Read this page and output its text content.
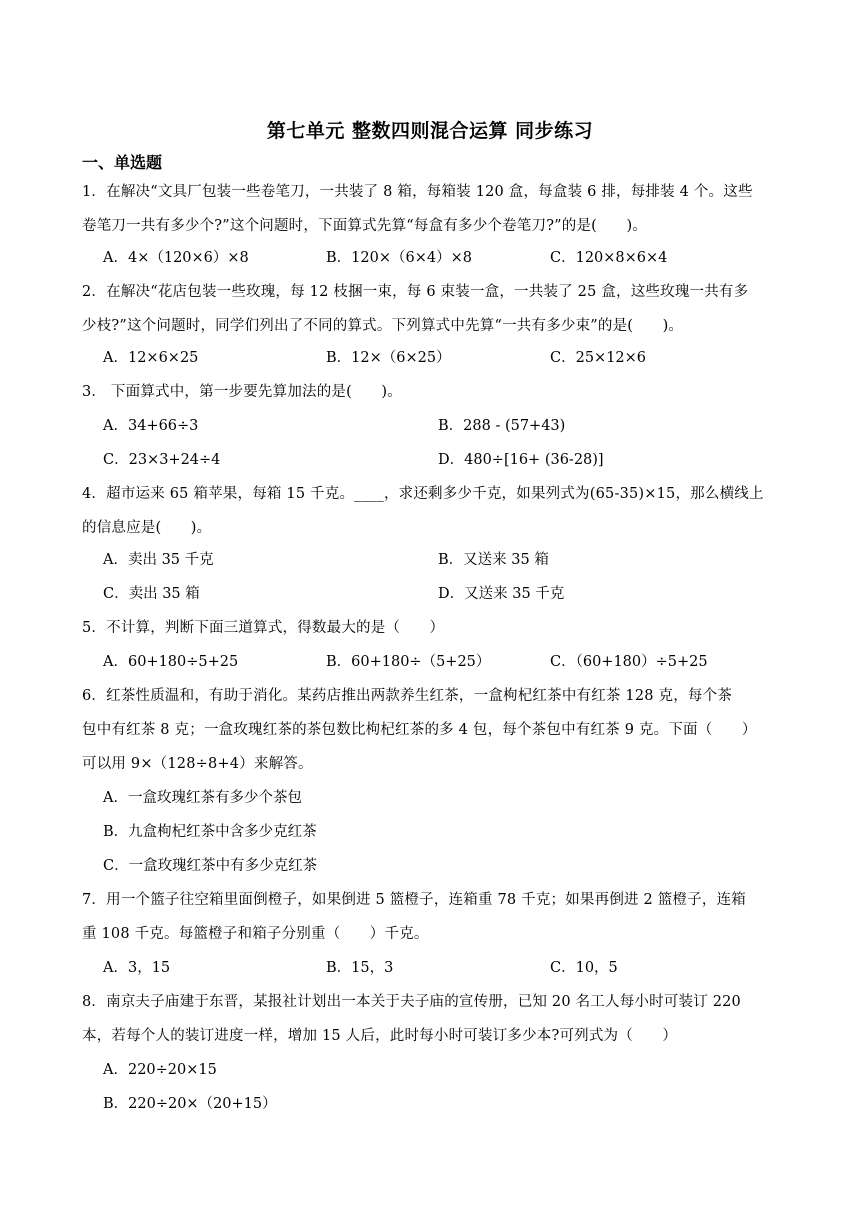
第七单元 整数四则混合运算 同步练习
一、单选题
1．在解决“文具厂包装一些卷笔刀，一共装了 8 箱，每箱装 120 盒，每盒装 6 排，每排装 4 个。这些
卷笔刀一共有多少个?”这个问题时，下面算式先算“每盒有多少个卷笔刀?”的是(　　)。
A．4×（120×6）×8	B．120×（6×4）×8	C．120×8×6×4
2．在解决“花店包装一些玫瑰，每 12 枝捆一束，每 6 束装一盒，一共装了 25 盒，这些玫瑰一共有多
少枝?”这个问题时，同学们列出了不同的算式。下列算式中先算“一共有多少束”的是(　　)。
A．12×6×25	B．12×（6×25）	C．25×12×6
3． 下面算式中，第一步要先算加法的是(　　)。
A．34+66÷3	B．288 - (57+43)
C．23×3+24÷4	D．480÷[16+ (36-28)]
4．超市运来 65 箱苹果，每箱 15 千克。____，求还剩多少千克，如果列式为(65-35)×15，那么横线上
的信息应是(　　)。
A．卖出 35 千克	B．又送来 35 箱
C．卖出 35 箱	D．又送来 35 千克
5．不计算，判断下面三道算式，得数最大的是（　　）
A．60+180÷5+25	B．60+180÷（5+25）	C．（60+180）÷5+25
6．红茶性质温和，有助于消化。某药店推出两款养生红茶，一盒枸杞红茶中有红茶 128 克，每个茶
包中有红茶 8 克；一盒玫瑰红茶的茶包数比枸杞红茶的多 4 包，每个茶包中有红茶 9 克。下面（　　）
可以用 9×（128÷8+4）来解答。
A．一盒玫瑰红茶有多少个茶包
B．九盒枸杞红茶中含多少克红茶
C．一盒玫瑰红茶中有多少克红茶
7．用一个篮子往空箱里面倒橙子，如果倒进 5 篮橙子，连箱重 78 千克；如果再倒进 2 篮橙子，连箱
重 108 千克。每篮橙子和箱子分别重（　　）千克。
A．3，15	B．15，3	C．10，5
8．南京夫子庙建于东晋，某报社计划出一本关于夫子庙的宣传册，已知 20 名工人每小时可装订 220
本，若每个人的装订进度一样，增加 15 人后，此时每小时可装订多少本?可列式为（　　）
A．220÷20×15
B．220÷20×（20+15）
